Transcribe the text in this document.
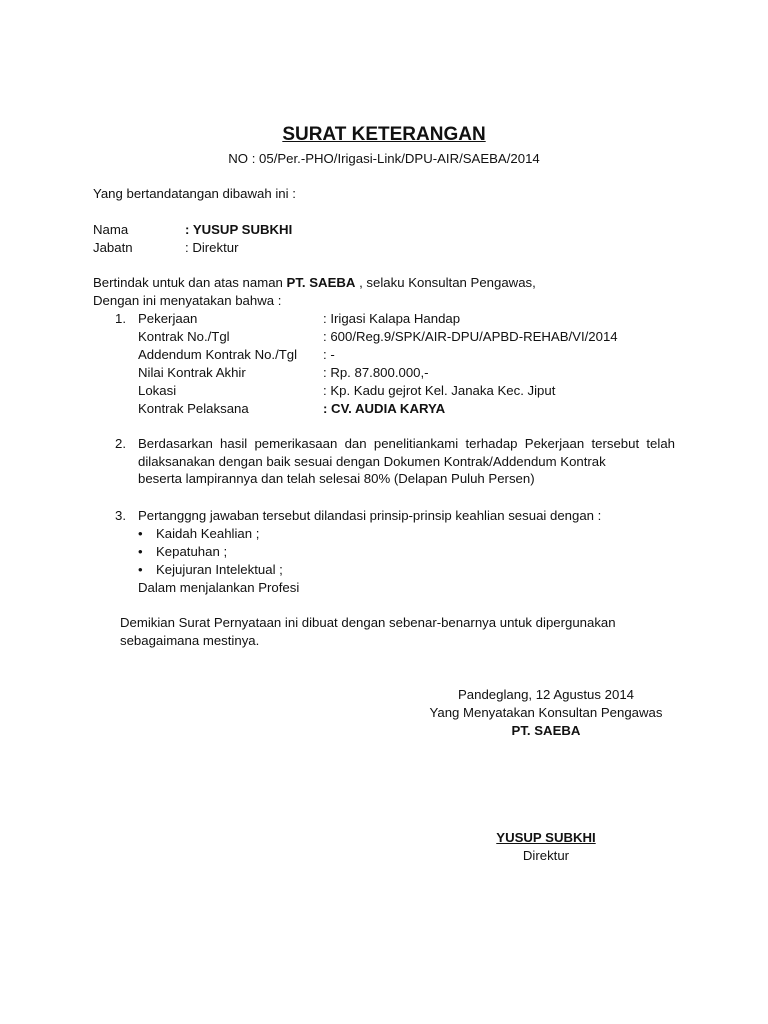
SURAT KETERANGAN
NO : 05/Per.-PHO/Irigasi-Link/DPU-AIR/SAEBA/2014
Yang bertandatangan dibawah ini :
Nama	: YUSUP SUBKHI
Jabatn	: Direktur
Bertindak untuk dan atas naman PT. SAEBA , selaku Konsultan Pengawas,
Dengan ini menyatakan bahwa :
1. Pekerjaan	: Irigasi Kalapa Handap
Kontrak No./Tgl	: 600/Reg.9/SPK/AIR-DPU/APBD-REHAB/VI/2014
Addendum Kontrak No./Tgl : -
Nilai Kontrak Akhir	: Rp. 87.800.000,-
Lokasi	: Kp. Kadu gejrot Kel. Janaka Kec. Jiput
Kontrak Pelaksana	: CV. AUDIA KARYA
2. Berdasarkan hasil pemerikasaan dan penelitiankami terhadap Pekerjaan tersebut telah dilaksanakan dengan baik sesuai dengan Dokumen Kontrak/Addendum Kontrak
beserta lampirannya dan telah selesai 80% (Delapan Puluh Persen)
3. Pertanggng jawaban tersebut dilandasi prinsip-prinsip keahlian sesuai dengan :
• Kaidah Keahlian ;
• Kepatuhan ;
• Kejujuran Intelektual ;
Dalam menjalankan Profesi
Demikian Surat Pernyataan ini dibuat dengan sebenar-benarnya untuk dipergunakan
sebagaimana mestinya.
Pandeglang, 12 Agustus 2014
Yang Menyatakan Konsultan Pengawas
PT. SAEBA
YUSUP SUBKHI
Direktur
